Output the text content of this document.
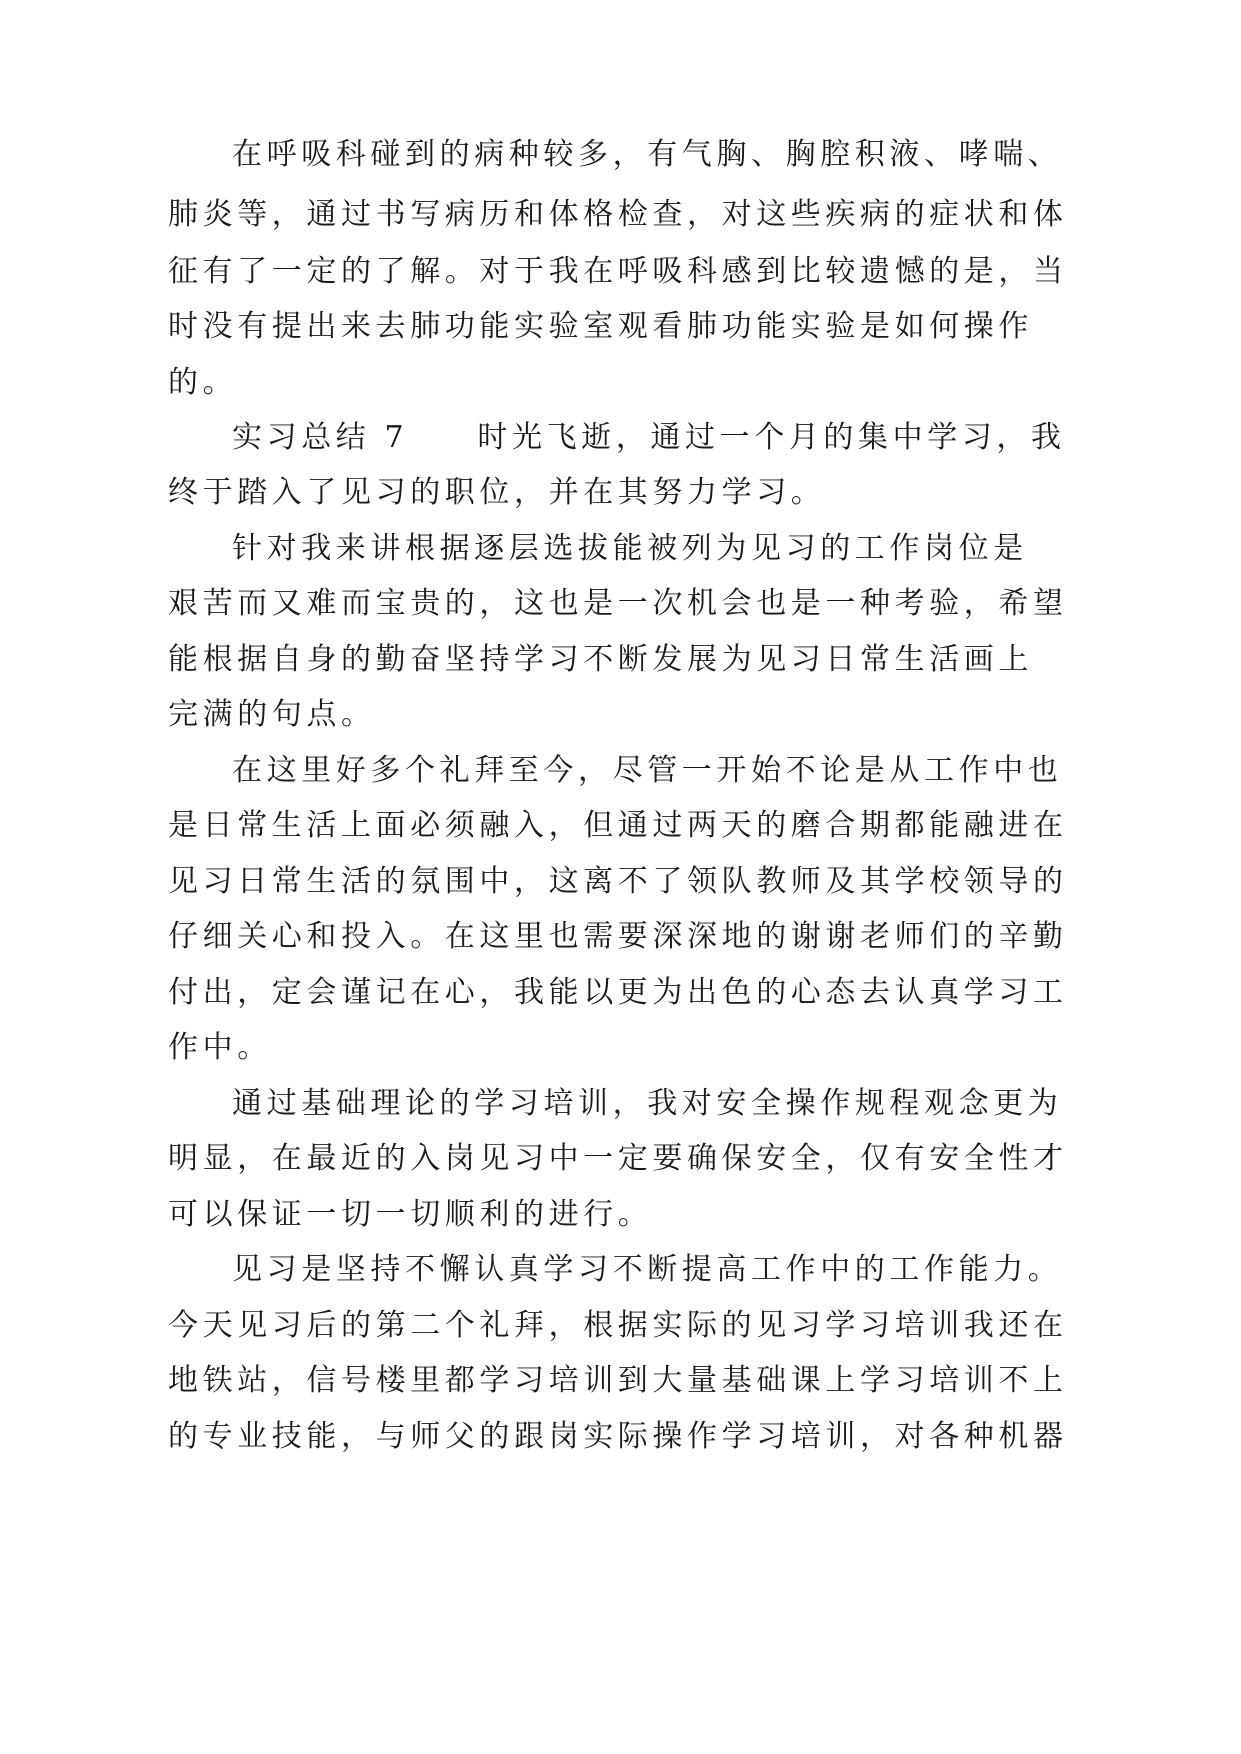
在呼吸科碰到的病种较多，有气胸、胸腔积液、哮喘、
肺炎等，通过书写病历和体格检查，对这些疾病的症状和体
征有了一定的了解。对于我在呼吸科感到比较遗憾的是，当
时没有提出来去肺功能实验室观看肺功能实验是如何操作
的。
实习总结 7　　时光飞逝，通过一个月的集中学习，我
终于踏入了见习的职位，并在其努力学习。
针对我来讲根据逐层选拔能被列为见习的工作岗位是
艰苦而又难而宝贵的，这也是一次机会也是一种考验，希望
能根据自身的勤奋坚持学习不断发展为见习日常生活画上
完满的句点。
在这里好多个礼拜至今，尽管一开始不论是从工作中也
是日常生活上面必须融入，但通过两天的磨合期都能融进在
见习日常生活的氛围中，这离不了领队教师及其学校领导的
仔细关心和投入。在这里也需要深深地的谢谢老师们的辛勤
付出，定会谨记在心，我能以更为出色的心态去认真学习工
作中。
通过基础理论的学习培训，我对安全操作规程观念更为
明显，在最近的入岗见习中一定要确保安全，仅有安全性才
可以保证一切一切顺利的进行。
见习是坚持不懈认真学习不断提高工作中的工作能力。
今天见习后的第二个礼拜，根据实际的见习学习培训我还在
地铁站，信号楼里都学习培训到大量基础课上学习培训不上
的专业技能，与师父的跟岗实际操作学习培训，对各种机器
